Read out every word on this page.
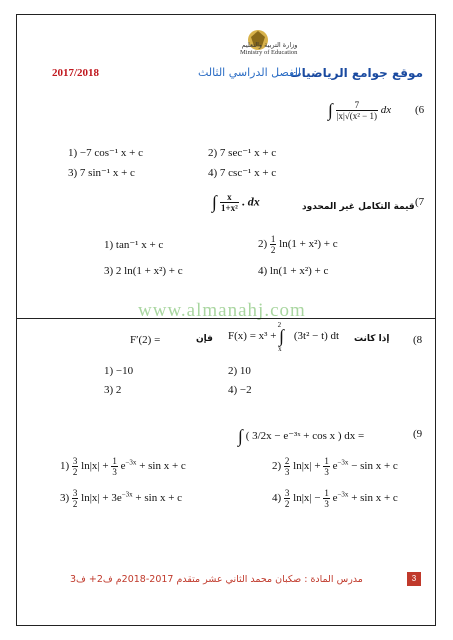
وزارة التربية والتعليم
Ministry of Education
موقع جوامع الرياضيات
الفصل الدراسي الثالث
2017/2018
www.almanahj.com
(6
∫ $\frac{7}{\text{|x|√(x² − 1)}}$ dx
1) −7 cos⁻¹ x + c	2) 7 sec⁻¹ x + c
3) 7 sin⁻¹ x + c	4) 7 csc⁻¹ x + c
(7
قيمة التكامل غير المحدود
∫ $\frac{x}{\text{1+x²}}$ . dx
1) tan⁻¹ x + c	$2) \frac{1}{2} \ln(1 + x^2) + c$
3) 2 ln(1 + x²) + c	4) ln(1 + x²) + c
(8
إذا كانت
$F(x) = x^3 + \int_x^2$ (3t² − t) dt
فإن
F′(2) =
1) −10	2) 10
3) 2	4) −2
(9
∫ ( 3/2x − e⁻³ˣ + cos x ) dx =
$1) \frac{3}{2} \ln|x| + \frac{1}{3} e^{-3x} + \sin x + c$	$2) \frac{2}{3} \ln|x| + \frac{1}{3} e^{-3x} - \sin x + c$
$3) \frac{3}{2} \ln|x| + 3e^{-3x} + \sin x + c$	$4) \frac{3}{2} \ln|x| - \frac{1}{3} e^{-3x} + \sin x + c$
3
مدرس المادة : صكبان محمد الثاني عشر متقدم 2017-2018م ف2+ ف3
